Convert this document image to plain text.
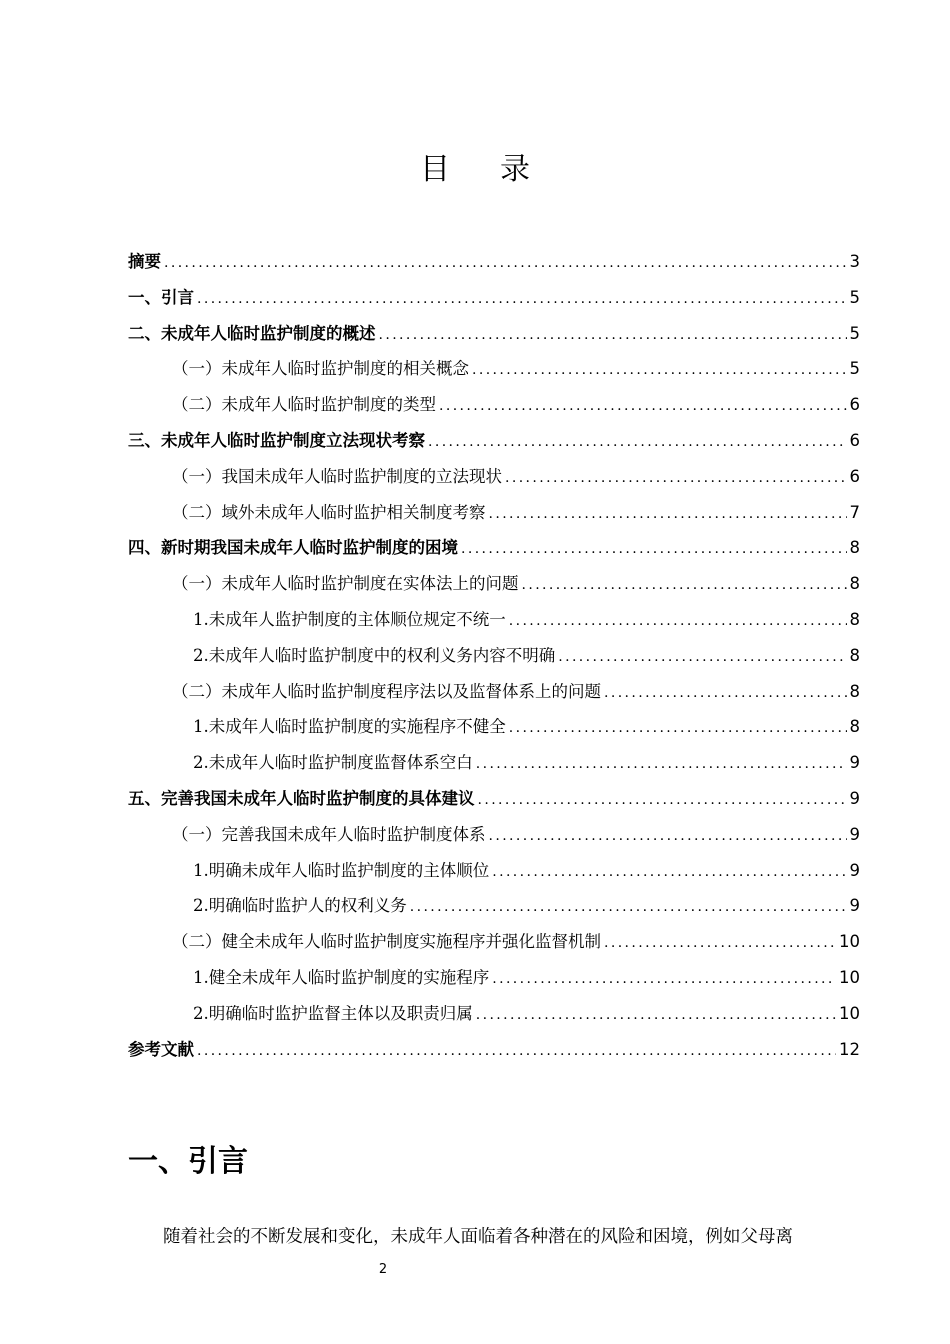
目录
摘要 .....	3
一、引言 .....	5
二、未成年人临时监护制度的概述 .....	5
（一）未成年人临时监护制度的相关概念 .....	5
（二）未成年人临时监护制度的类型 .....	6
三、未成年人临时监护制度立法现状考察 .....	6
（一）我国未成年人临时监护制度的立法现状 .....	6
（二）域外未成年人临时监护相关制度考察 .....	7
四、新时期我国未成年人临时监护制度的困境 .....	8
（一）未成年人临时监护制度在实体法上的问题 .....	8
1.未成年人监护制度的主体顺位规定不统一 .....	8
2.未成年人临时监护制度中的权利义务内容不明确 .....	8
（二）未成年人临时监护制度程序法以及监督体系上的问题 .....	8
1.未成年人临时监护制度的实施程序不健全 .....	8
2.未成年人临时监护制度监督体系空白 .....	9
五、完善我国未成年人临时监护制度的具体建议 .....	9
（一）完善我国未成年人临时监护制度体系 .....	9
1.明确未成年人临时监护制度的主体顺位 .....	9
2.明确临时监护人的权利义务 .....	9
（二）健全未成年人临时监护制度实施程序并强化监督机制 .....	10
1.健全未成年人临时监护制度的实施程序 .....	10
2.明确临时监护监督主体以及职责归属 .....	10
参考文献 .....	12
一、引言
随着社会的不断发展和变化，未成年人面临着各种潜在的风险和困境，例如父母离
2
